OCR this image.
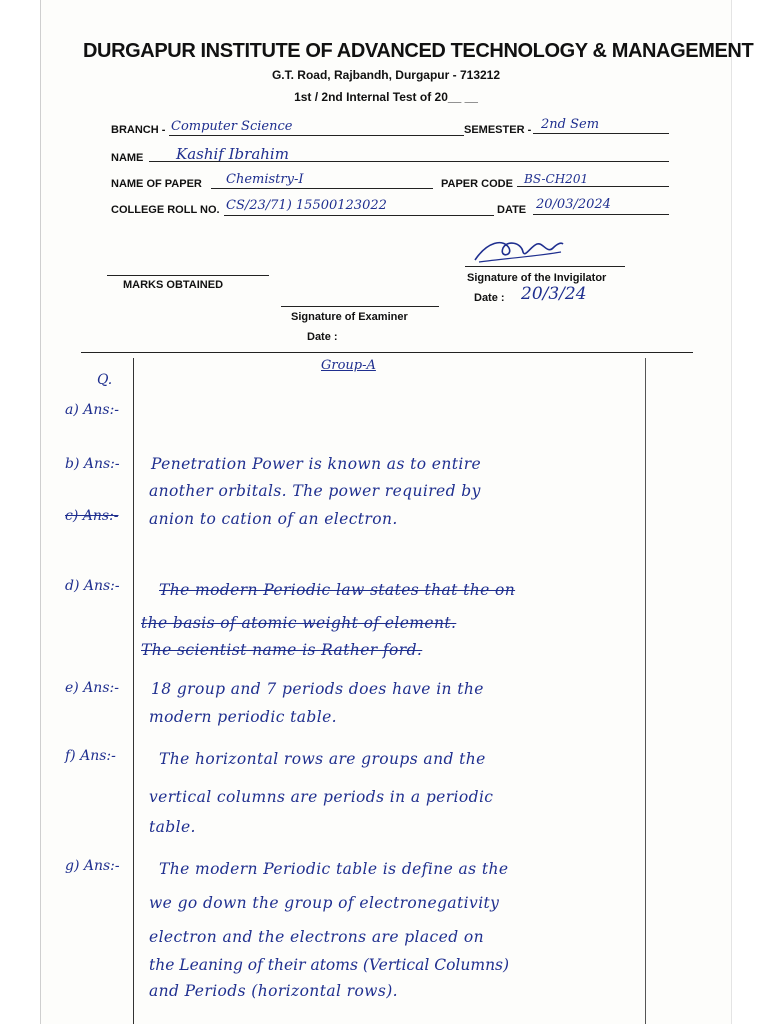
DURGAPUR INSTITUTE OF ADVANCED TECHNOLOGY & MANAGEMENT
G.T. Road, Rajbandh, Durgapur - 713212
1st / 2nd Internal Test of 20__ __
BRANCH - Computer Science	SEMESTER - 2nd Sem
NAME Kashif Ibrahim
NAME OF PAPER Chemistry-I	PAPER CODE BS-CH201
COLLEGE ROLL NO. CS/23/71) 15500123022	DATE 20/03/2024
Signature of the Invigilator
Date : 20/3/24
MARKS OBTAINED
Signature of Examiner
Date :
Group-A
Q.
a) Ans:-
b) Ans:- Penetration Power is known as to entire
another orbitals. The power required by
c) Ans:- anion to cation of an electron.
d) Ans:-	The modern Periodic law states that the on
the basis of atomic weight of element.
The scientist name is Rather ford.
e) Ans:- 18 group and 7 periods does have in the
modern periodic table.
f) Ans:-	The horizontal rows are groups and the
vertical columns are periods in a periodic
table.
g) Ans:-	The modern Periodic table is define as the
we go down the group of electronegativity
electron and the electrons are placed on
the Leaning of their atoms (Vertical Columns)
and Periods (horizontal rows).
